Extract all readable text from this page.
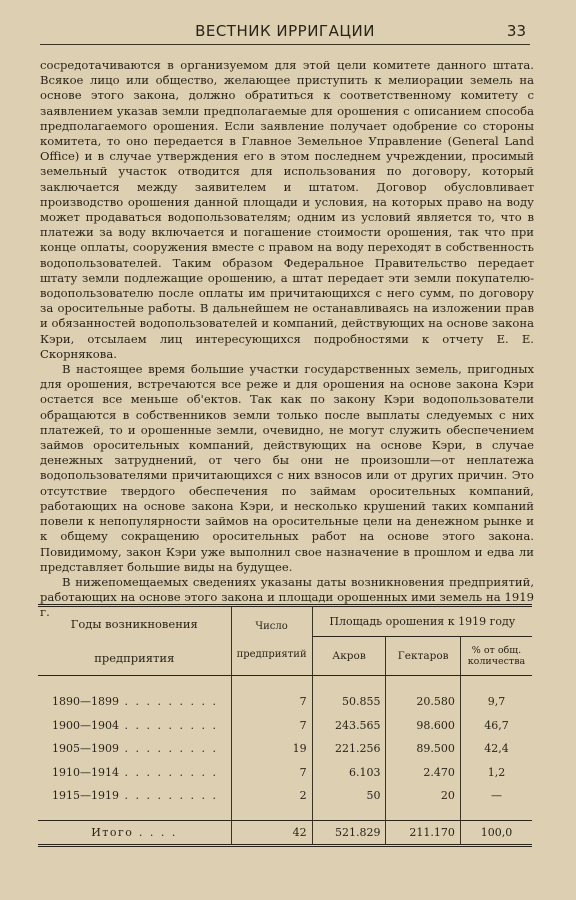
ВЕСТНИК ИРРИГАЦИИ	33

сосредотачиваются в организуемом для этой цели комитете данного штата. Всякое лицо или общество, желающее приступить к мелиорации земель на основе этого закона, должно обратиться к соответственному комитету с заявлением указав земли предполагаемые для орошения с описанием способа предполагаемого орошения. Если заявление получает одобрение со стороны комитета, то оно передается в Главное Земельное Управление (General Land Office) и в случае утверждения его в этом последнем учреждении, просимый земельный участок отводится для использования по договору, который заключается между заявителем и штатом. Договор обусловливает производство орошения данной площади и условия, на которых право на воду может продаваться водопользователям; одним из условий является то, что в платежи за воду включается и погашение стоимости орошения, так что при конце оплаты, сооружения вместе с правом на воду переходят в собственность водопользователей. Таким образом Федеральное Правительство передает штату земли подлежащие орошению, а штат передает эти земли покупателю-водопользователю после оплаты им причитающихся с него сумм, по договору за оросительные работы. В дальнейшем не останавливаясь на изложении прав и обязанностей водопользователей и компаний, действующих на основе закона Кэри, отсылаем лиц интересующихся подробностями к отчету Е. Е. Скорнякова.

В настоящее время большие участки государственных земель, пригодных для орошения, встречаются все реже и для орошения на основе закона Кэри остается все меньше об'ектов. Так как по закону Кэри водопользователи обращаются в собственников земли только после выплаты следуемых с них платежей, то и орошенные земли, очевидно, не могут служить обеспечением займов оросительных компаний, действующих на основе Кэри, в случае денежных затруднений, от чего бы они не произошли—от неплатежа водопользователями причитающихся с них взносов или от других причин. Это отсутствие твердого обеспечения по займам оросительных компаний, работающих на основе закона Кэри, и несколько крушений таких компаний повели к непопулярности займов на оросительные цели на денежном рынке и к общему сокращению оросительных работ на основе этого закона. Повидимому, закон Кэри уже выполнил свое назначение в прошлом и едва ли представляет большие виды на будущее.

В нижепомещаемых сведениях указаны даты возникновения предприятий, работающих на основе этого закона и площади орошенных ими земель на 1919 г.

Годы возникновения предприятия	Число предприятий	Площадь орошения к 1919 году		
		Акров	Гектаров	% от общ. количества
1890—1899 . . . . . . . . .	7	50.855	20.580	9,7
1900—1904 . . . . . . . . .	7	243.565	98.600	46,7
1905—1909 . . . . . . . . .	19	221.256	89.500	42,4
1910—1914 . . . . . . . . .	7	6.103	2.470	1,2
1915—1919 . . . . . . . . .	2	50	20	—
Итого . . . .	42	521.829	211.170	100,0
